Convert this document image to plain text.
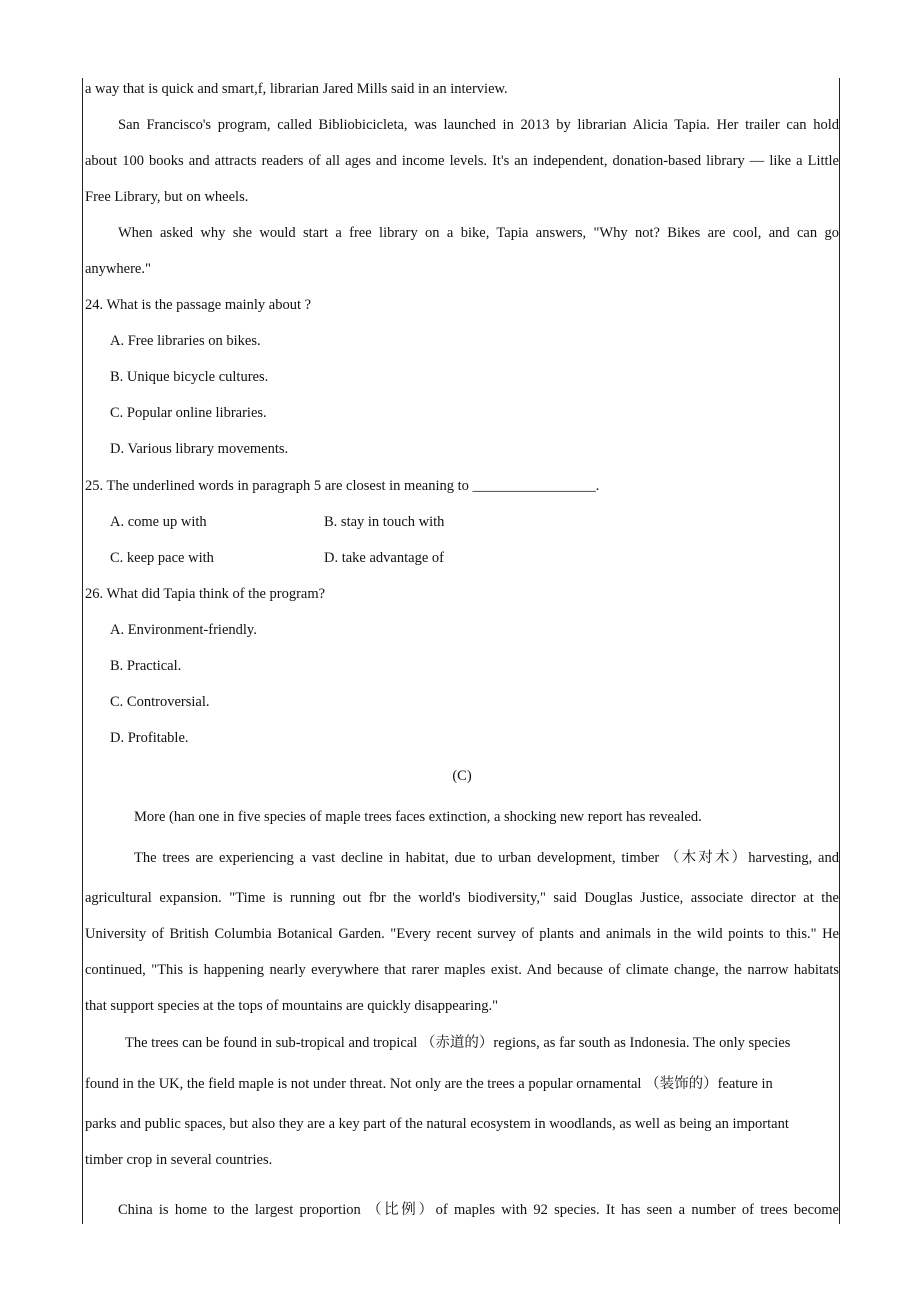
a way that is quick and smart,f, librarian Jared Mills said in an interview.
San Francisco's program, called Bibliobicicleta, was launched in 2013 by librarian Alicia Tapia. Her trailer can hold
about 100 books and attracts readers of all ages and income levels. It's an independent, donation-based library — like a Little
Free Library, but on wheels.
When asked why she would start a free library on a bike, Tapia answers, "Why not? Bikes are cool, and can go
anywhere."
24. What is the passage mainly about ?
A. Free libraries on bikes.
B. Unique bicycle cultures.
C. Popular online libraries.
D. Various library movements.
25. The underlined words in paragraph 5 are closest in meaning to _________________.
A. come up with	B. stay in touch with
C. keep pace with	D. take advantage of
26. What did Tapia think of the program?
A. Environment-friendly.
B. Practical.
C. Controversial.
D. Profitable.
(C)
More (han one in five species of maple trees faces extinction, a shocking new report has revealed.
The trees are experiencing a vast decline in habitat, due to urban development, timber （木对木）harvesting, and
agricultural expansion. "Time is running out fbr the world's biodiversity," said Douglas Justice, associate director at the
University of British Columbia Botanical Garden. "Every recent survey of plants and animals in the wild points to this." He
continued, "This is happening nearly everywhere that rarer maples exist. And because of climate change, the narrow habitats
that support species at the tops of mountains are quickly disappearing."
The trees can be found in sub-tropical and tropical （赤道的）regions, as far south as Indonesia. The only species
found in the UK, the field maple is not under threat. Not only are the trees a popular ornamental （装饰的）feature in
parks and public spaces, but also they are a key part of the natural ecosystem in woodlands, as well as being an important
timber crop in several countries.
China is home to the largest proportion （比例）of maples with 92 species. It has seen a number of trees become
